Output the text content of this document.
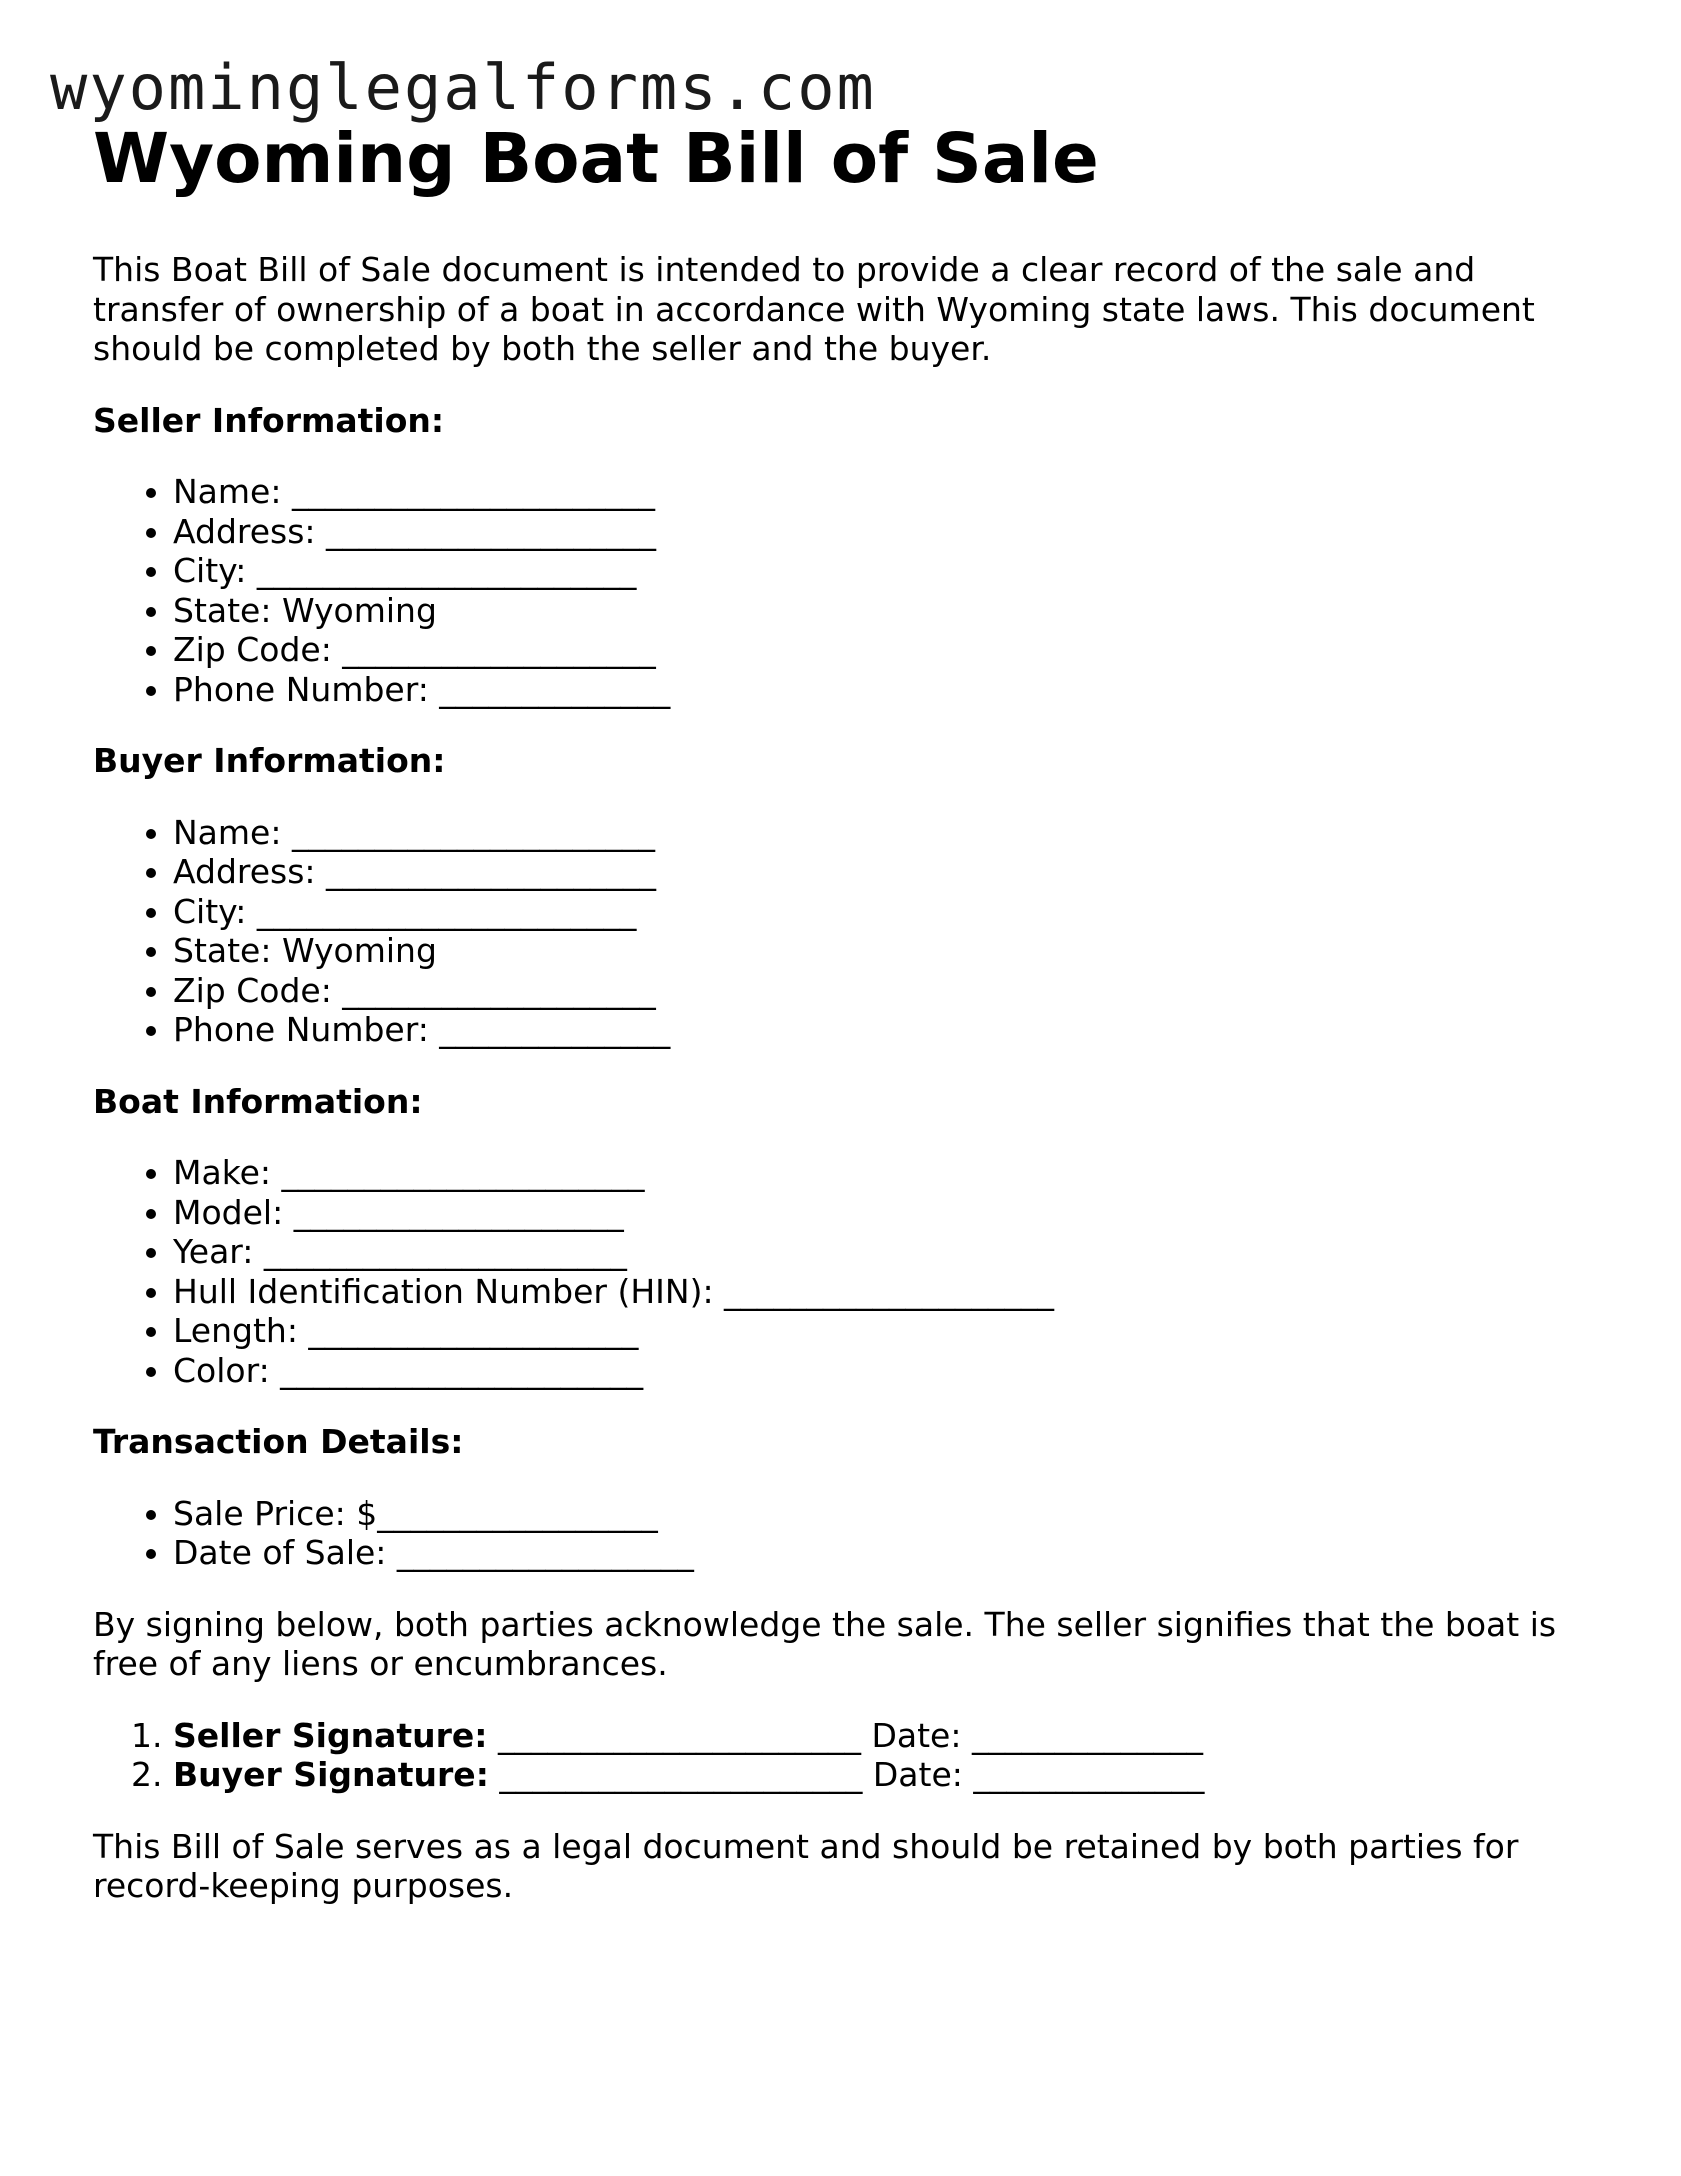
wyominglegalforms.com
Wyoming Boat Bill of Sale

This Boat Bill of Sale document is intended to provide a clear record of the sale and transfer of ownership of a boat in accordance with Wyoming state laws. This document should be completed by both the seller and the buyer.

Seller Information:
• Name: ______________________
• Address: ____________________
• City: _______________________
• State: Wyoming
• Zip Code: ___________________
• Phone Number: ______________
Buyer Information:
• Name: ______________________
• Address: ____________________
• City: _______________________
• State: Wyoming
• Zip Code: ___________________
• Phone Number: ______________
Boat Information:
• Make: ______________________
• Model: ____________________
• Year: ______________________
• Hull Identification Number (HIN): ____________________
• Length: ____________________
• Color: ______________________
Transaction Details:
• Sale Price: $_________________
• Date of Sale: __________________

By signing below, both parties acknowledge the sale. The seller signifies that the boat is free of any liens or encumbrances.

1. Seller Signature: ______________________ Date: ______________
2. Buyer Signature: ______________________ Date: ______________

This Bill of Sale serves as a legal document and should be retained by both parties for record-keeping purposes.
